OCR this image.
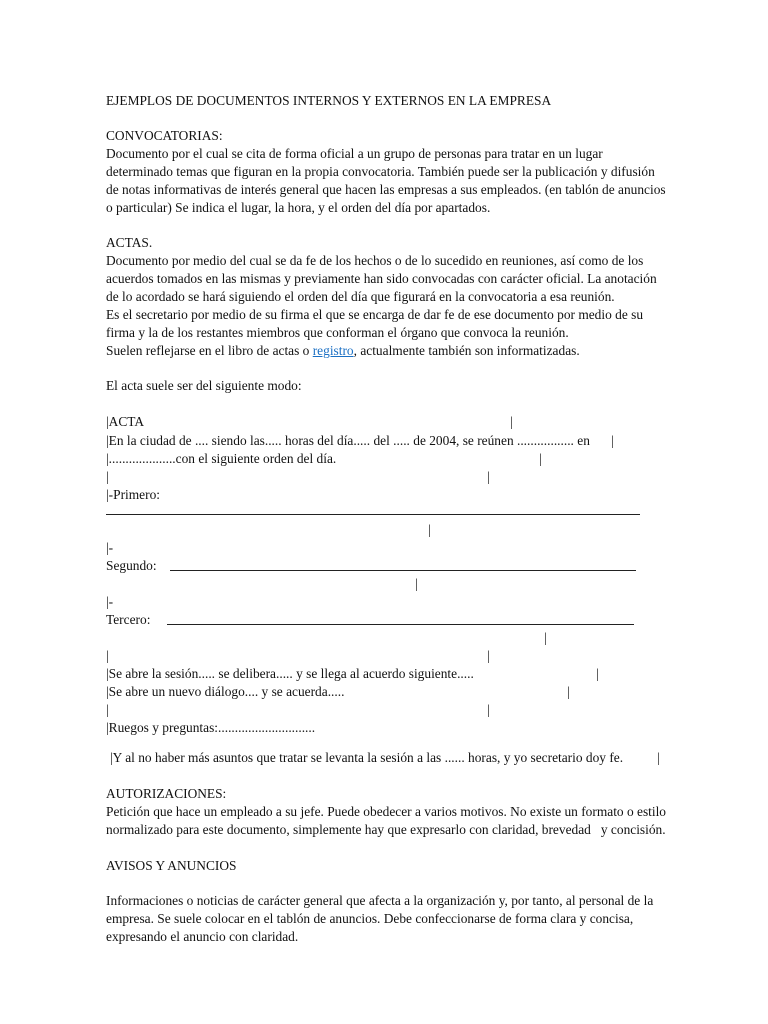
EJEMPLOS DE DOCUMENTOS INTERNOS Y EXTERNOS EN LA EMPRESA

CONVOCATORIAS:

Documento por el cual se cita de forma oficial a un grupo de personas para tratar en un lugar

determinado temas que figuran en la propia convocatoria. También puede ser la publicación y difusión

de notas informativas de interés general que hacen las empresas a sus empleados. (en tablón de anuncios

o particular) Se indica el lugar, la hora, y el orden del día por apartados.

ACTAS.

Documento por medio del cual se da fe de los hechos o de lo sucedido en reuniones, así como de los

acuerdos tomados en las mismas y previamente han sido convocadas con carácter oficial. La anotación

de lo acordado se hará siguiendo el orden del día que figurará en la convocatoria a esa reunión.

Es el secretario por medio de su firma el que se encarga de dar fe de ese documento por medio de su

firma y la de los restantes miembros que conforman el órgano que convoca la reunión.

Suelen reflejarse en el libro de actas o registro, actualmente también son informatizadas.

El acta suele ser del siguiente modo:

|ACTA	|

|En la ciudad de .... siendo las..... horas del día..... del ..... de 2004, se reúnen ................. en |

|....................con el siguiente orden del día.	|

|	|

|-Primero:

|

|-

Segundo:

|

|-

Tercero:

|

|	|

|Se abre la sesión..... se delibera..... y se llega al acuerdo siguiente.....	|

|Se abre un nuevo diálogo.... y se acuerda.....	|

|	|

|Ruegos y preguntas:.............................

|Y al no haber más asuntos que tratar se levanta la sesión a las ...... horas, y yo secretario doy fe.	|

AUTORIZACIONES:

Petición que hace un empleado a su jefe. Puede obedecer a varios motivos. No existe un formato o estilo

normalizado para este documento, simplemente hay que expresarlo con claridad, brevedad   y concisión.

AVISOS Y ANUNCIOS

Informaciones o noticias de carácter general que afecta a la organización y, por tanto, al personal de la

empresa. Se suele colocar en el tablón de anuncios. Debe confeccionarse de forma clara y concisa,

expresando el anuncio con claridad.
